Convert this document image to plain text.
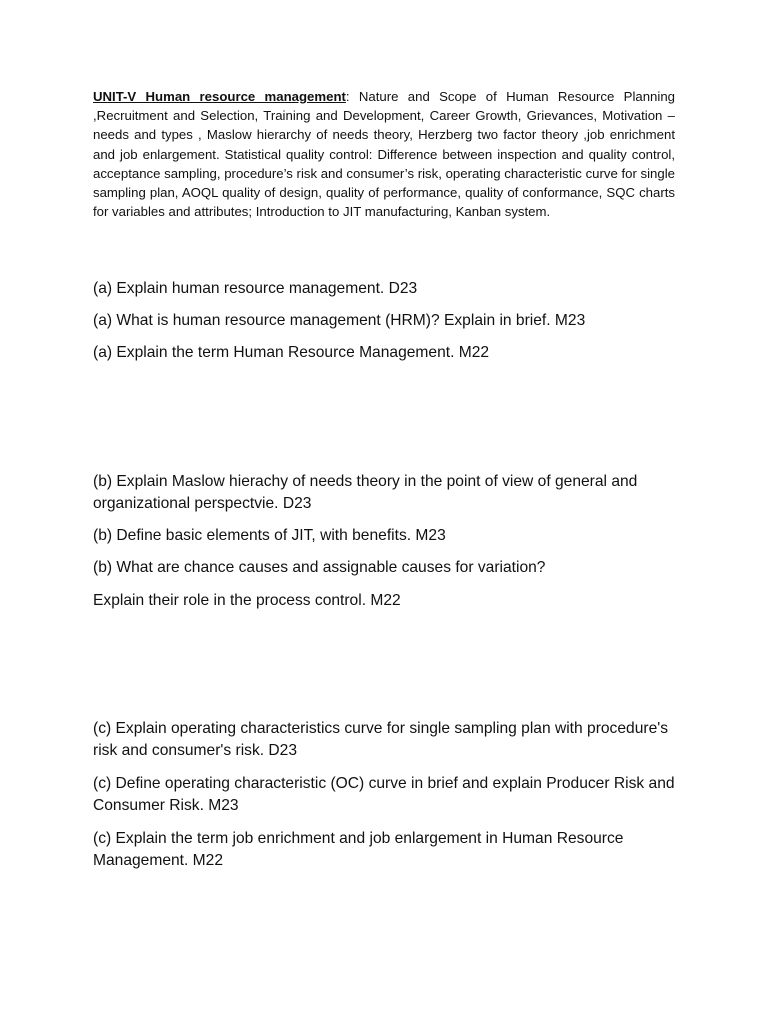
UNIT-V Human resource management: Nature and Scope of Human Resource Planning ,Recruitment and Selection, Training and Development, Career Growth, Grievances, Motivation – needs and types , Maslow hierarchy of needs theory, Herzberg two factor theory ,job enrichment and job enlargement. Statistical quality control: Difference between inspection and quality control, acceptance sampling, procedure’s risk and consumer’s risk, operating characteristic curve for single sampling plan, AOQL quality of design, quality of performance, quality of conformance, SQC charts for variables and attributes; Introduction to JIT manufacturing, Kanban system.

(a) Explain human resource management. D23

(a) What is human resource management (HRM)? Explain in brief. M23

(a) Explain the term Human Resource Management. M22

(b) Explain Maslow hierachy of needs theory in the point of view of general and organizational perspectvie. D23

(b) Define basic elements of JIT, with benefits. M23

(b) What are chance causes and assignable causes for variation?

Explain their role in the process control. M22

(c) Explain operating characteristics curve for single sampling plan with procedure's risk and consumer's risk. D23

(c) Define operating characteristic (OC) curve in brief and explain Producer Risk and Consumer Risk. M23

(c) Explain the term job enrichment and job enlargement in Human Resource Management. M22
